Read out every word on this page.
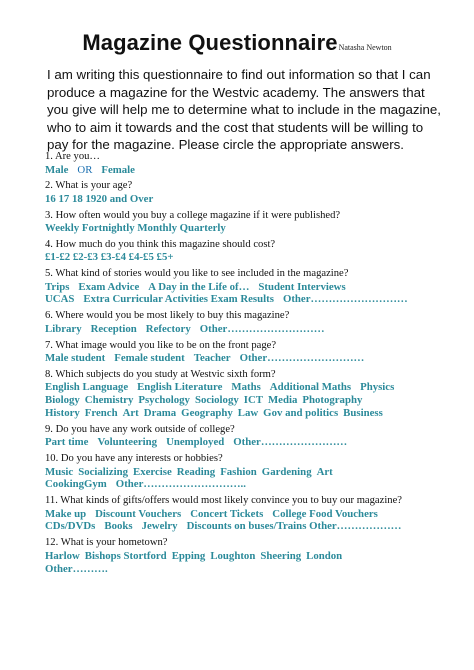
Magazine QuestionnaireNatasha Newton
I am writing this questionnaire to find out information so that I can produce a magazine for the Westvic academy. The answers that you give will help me to determine what to include in the magazine, who to aim it towards and the cost that students will be willing to pay for the magazine. Please circle the appropriate answers.
1. Are you…
Male OR Female
2. What is your age?
16 17 18 1920 and Over
3. How often would you buy a college magazine if it were published?
Weekly Fortnightly Monthly Quarterly
4. How much do you think this magazine should cost?
£1-£2 £2-£3 £3-£4 £4-£5 £5+
5. What kind of stories would you like to see included in the magazine?
Trips Exam Advice A Day in the Life of… Student Interviews
UCAS Extra Curricular Activities Exam Results Other………………………
6. Where would you be most likely to buy this magazine?
Library Reception Refectory Other………………………
7. What image would you like to be on the front page?
Male student Female student Teacher Other………………………
8. Which subjects do you study at Westvic sixth form?
English Language English Literature Maths Additional Maths Physics
Biology Chemistry Psychology Sociology ICT Media Photography
History French Art Drama Geography Law Gov and politics Business
9. Do you have any work outside of college?
Part time Volunteering Unemployed Other……………………
10. Do you have any interests or hobbies?
Music Socializing Exercise Reading Fashion Gardening Art
CookingGym Other………………………..
11. What kinds of gifts/offers would most likely convince you to buy our magazine?
Make up Discount Vouchers Concert Tickets College Food Vouchers
CDs/DVDs Books Jewelry Discounts on buses/Trains Other………………
12. What is your hometown?
Harlow Bishops Stortford Epping Loughton Sheering London
Other……….
